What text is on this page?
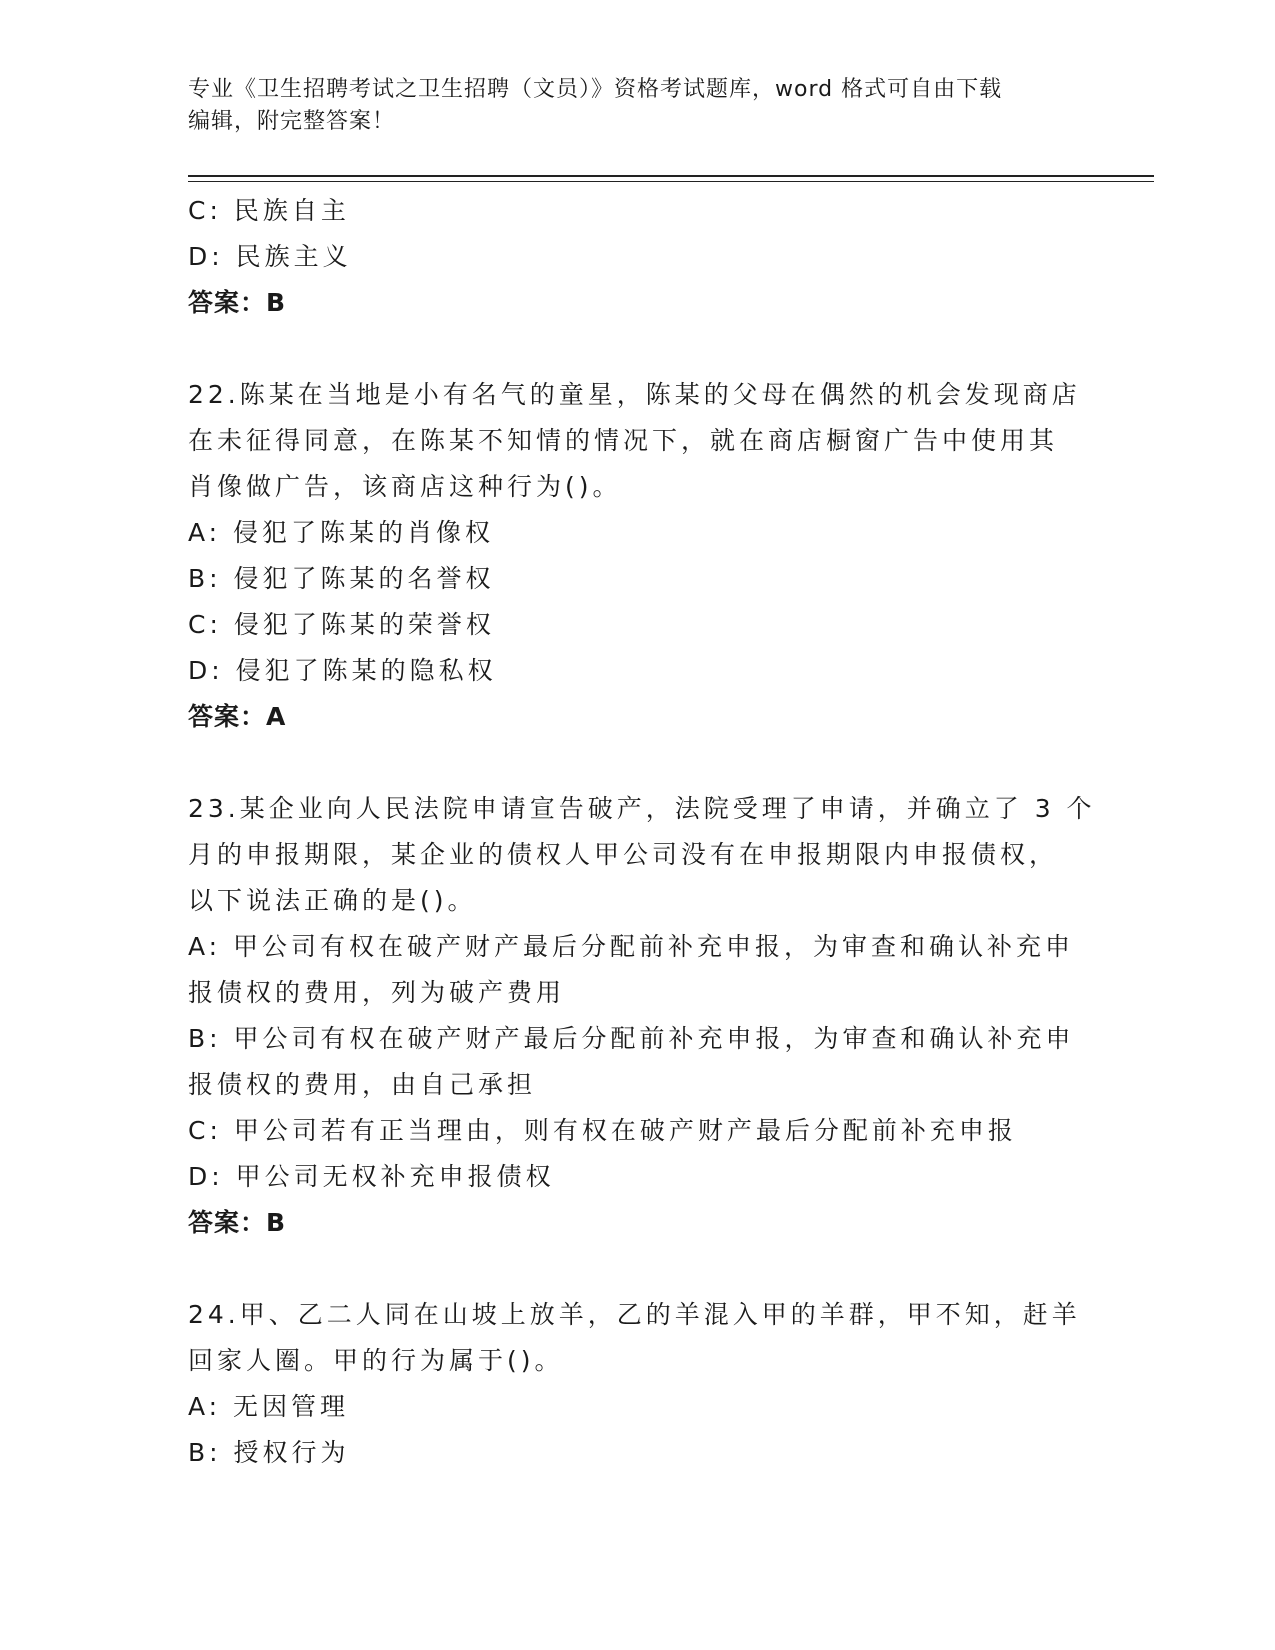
专业《卫生招聘考试之卫生招聘（文员）》资格考试题库，word 格式可自由下载
编辑，附完整答案！
C: 民族自主
D: 民族主义
答案：B
22.陈某在当地是小有名气的童星，陈某的父母在偶然的机会发现商店
在未征得同意，在陈某不知情的情况下，就在商店橱窗广告中使用其
肖像做广告，该商店这种行为()。
A: 侵犯了陈某的肖像权
B: 侵犯了陈某的名誉权
C: 侵犯了陈某的荣誉权
D: 侵犯了陈某的隐私权
答案：A
23.某企业向人民法院申请宣告破产，法院受理了申请，并确立了 3 个
月的申报期限，某企业的债权人甲公司没有在申报期限内申报债权，
以下说法正确的是()。
A: 甲公司有权在破产财产最后分配前补充申报，为审查和确认补充申
报债权的费用，列为破产费用
B: 甲公司有权在破产财产最后分配前补充申报，为审查和确认补充申
报债权的费用，由自己承担
C: 甲公司若有正当理由，则有权在破产财产最后分配前补充申报
D: 甲公司无权补充申报债权
答案：B
24.甲、乙二人同在山坡上放羊，乙的羊混入甲的羊群，甲不知，赶羊
回家人圈。甲的行为属于()。
A: 无因管理
B: 授权行为
